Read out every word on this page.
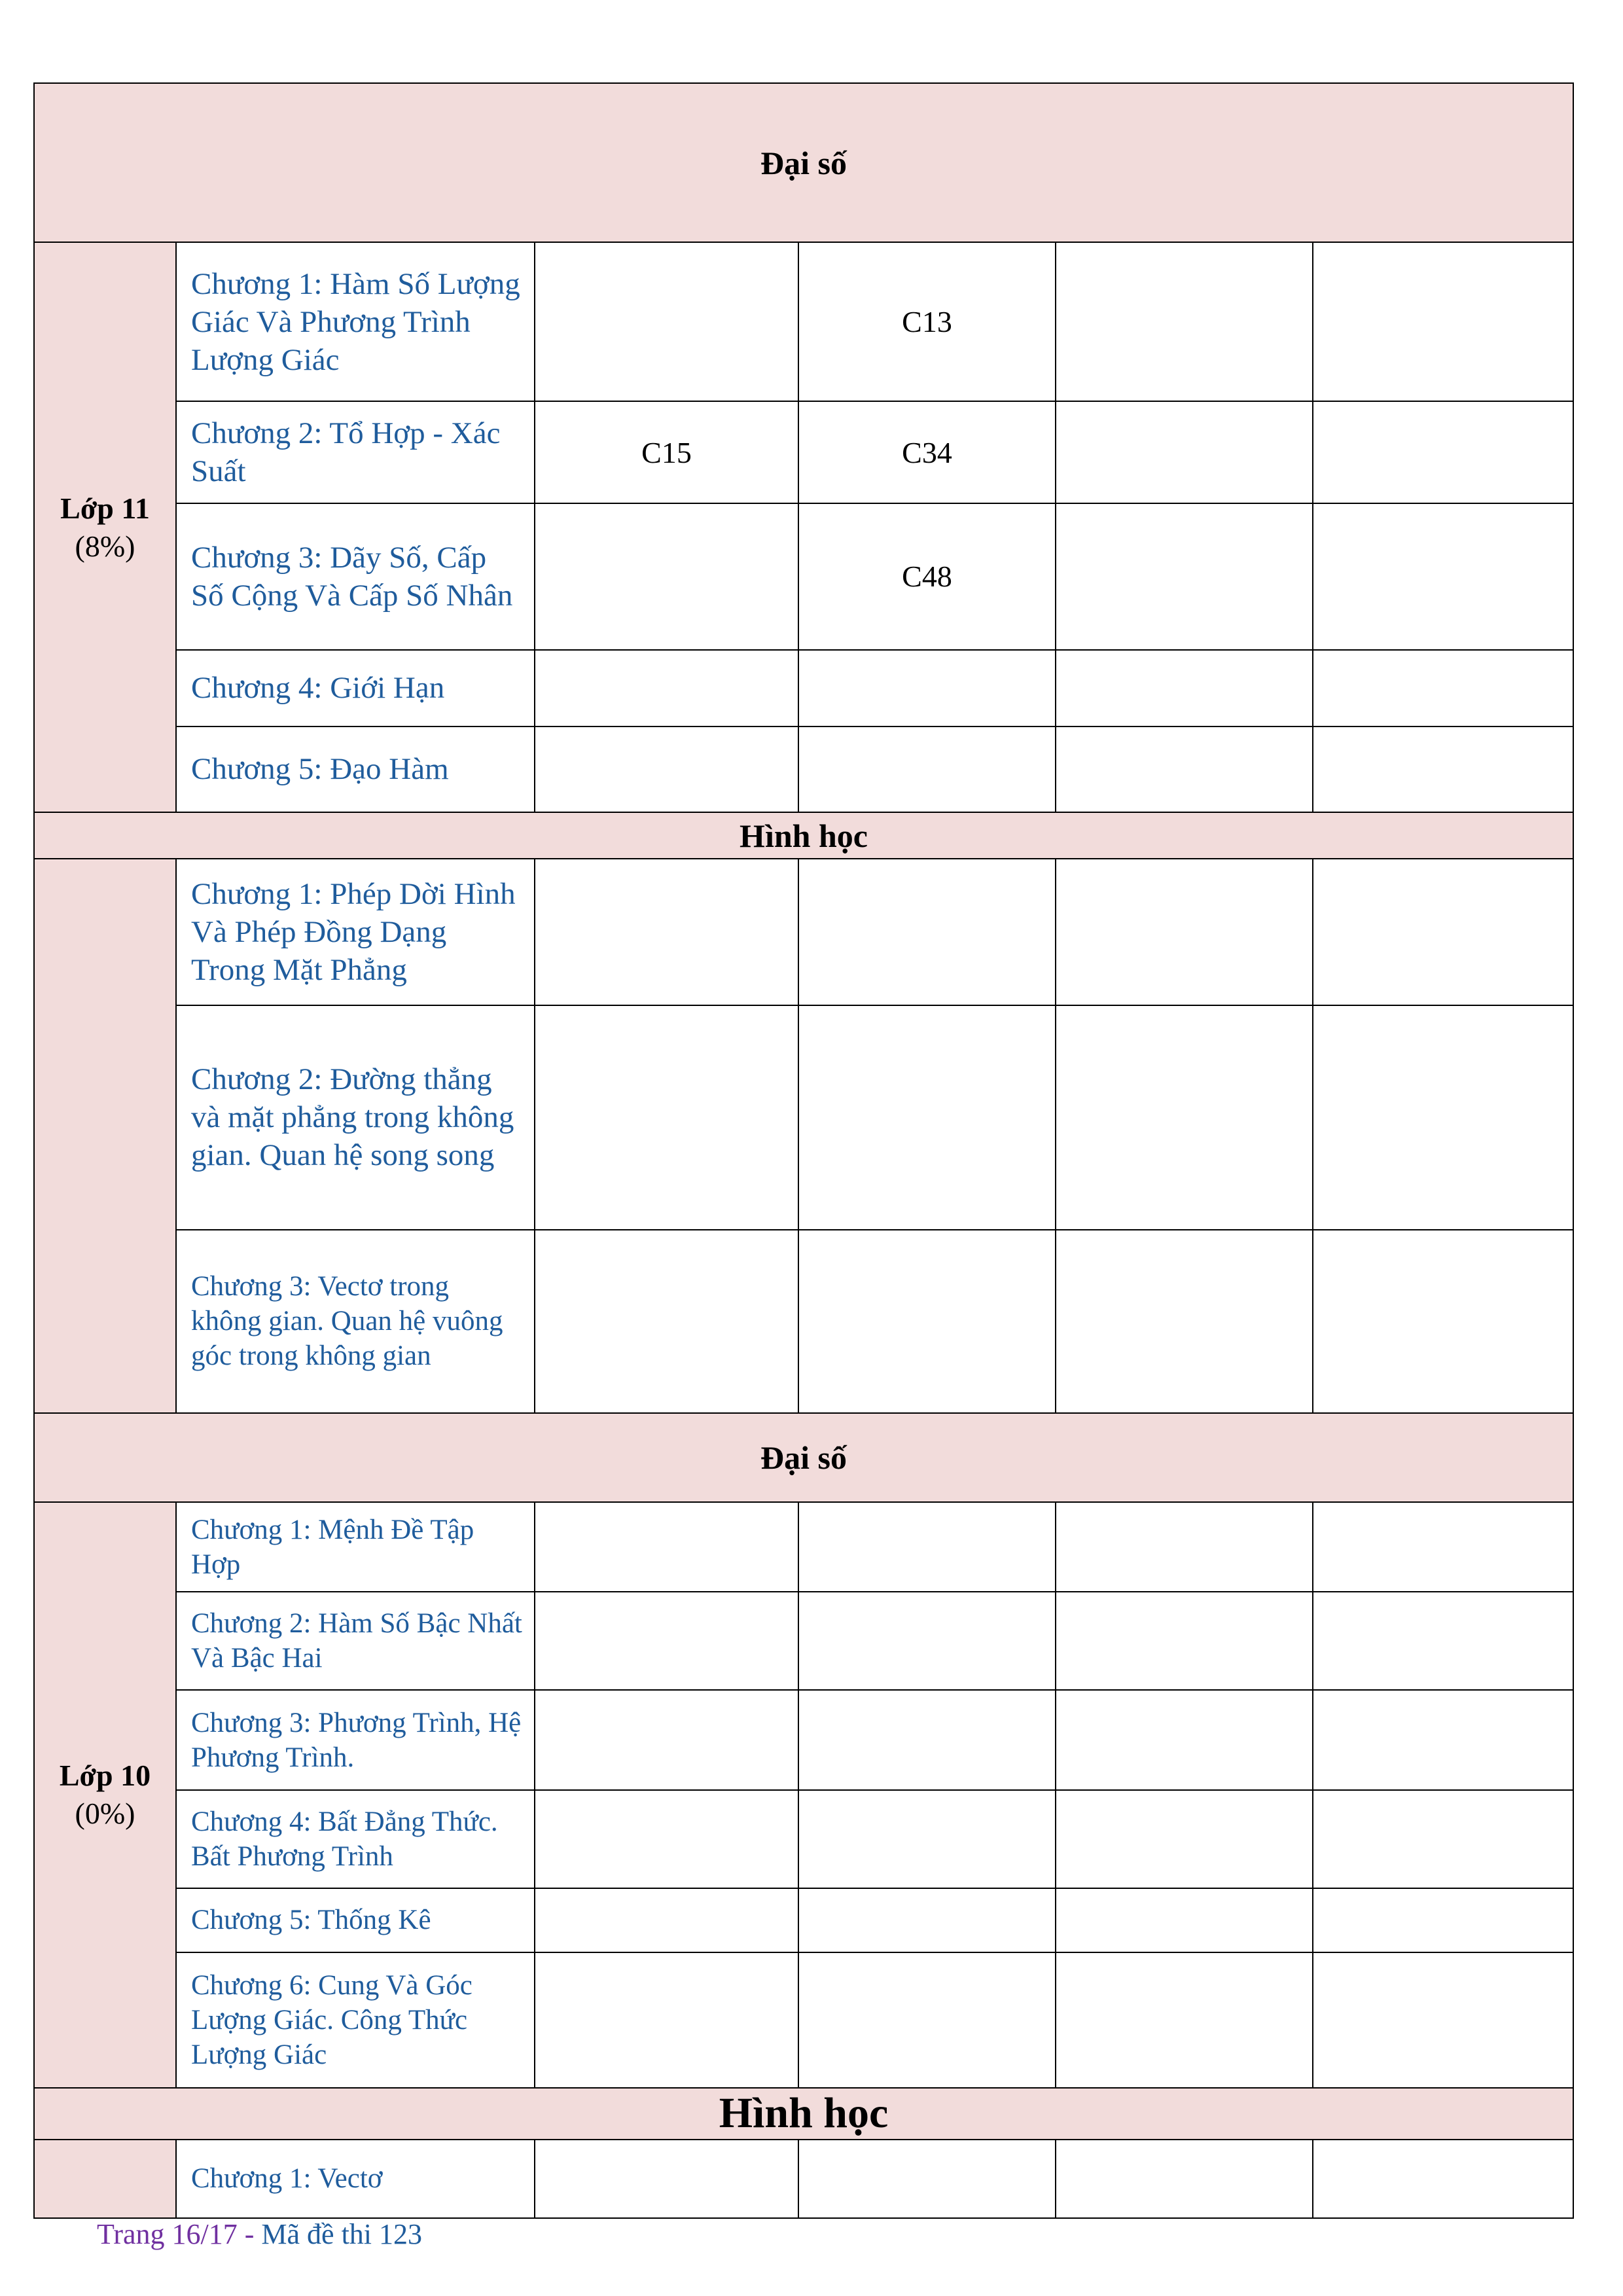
Đại số					

Lớp 11
(8%)	Chương 1: Hàm Số Lượng Giác Và Phương Trình Lượng Giác		C13		
	Chương 2: Tổ Hợp - Xác Suất	C15	C34		
	Chương 3: Dãy Số, Cấp Số Cộng Và Cấp Số Nhân		C48		
	Chương 4: Giới Hạn				
	Chương 5: Đạo Hàm				
Hình học					
	Chương 1: Phép Dời Hình Và Phép Đồng Dạng Trong Mặt Phẳng				
	Chương 2: Đường thẳng và mặt phẳng trong không gian. Quan hệ song song				
	Chương 3: Vectơ trong không gian. Quan hệ vuông góc trong không gian				
Đại số					

Lớp 10
(0%)	Chương 1: Mệnh Đề Tập Hợp				
	Chương 2: Hàm Số Bậc Nhất Và Bậc Hai				
	Chương 3: Phương Trình, Hệ Phương Trình.				
	Chương 4: Bất Đẳng Thức. Bất Phương Trình				
	Chương 5: Thống Kê				
	Chương 6: Cung Và Góc Lượng Giác. Công Thức Lượng Giác				
Hình học					
	Chương 1: Vectơ				
Trang 16/17 - Mã đề thi 123
